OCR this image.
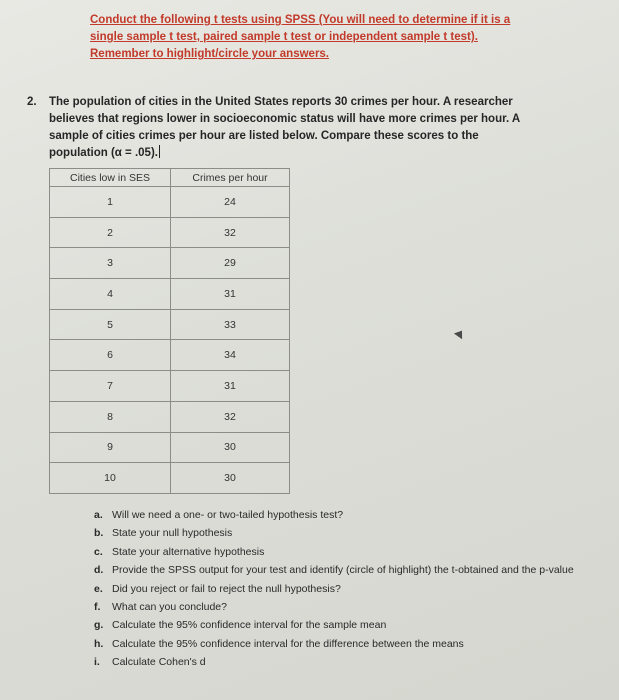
Conduct the following t tests using SPSS (You will need to determine if it is a
single sample t test, paired sample t test or independent sample t test).
Remember to highlight/circle your answers.
2. The population of cities in the United States reports 30 crimes per hour. A researcher
believes that regions lower in socioeconomic status will have more crimes per hour. A
sample of cities crimes per hour are listed below. Compare these scores to the
population (α = .05).
Cities low in SES	Crimes per hour
1	24
2	32
3	29
4	31
5	33
6	34
7	31
8	32
9	30
10	30
a. Will we need a one- or two-tailed hypothesis test?
b. State your null hypothesis
c. State your alternative hypothesis
d. Provide the SPSS output for your test and identify (circle of highlight) the t-obtained and the p-value
e. Did you reject or fail to reject the null hypothesis?
f.	What can you conclude?
g. Calculate the 95% confidence interval for the sample mean
h. Calculate the 95% confidence interval for the difference between the means
i.	Calculate Cohen's d
